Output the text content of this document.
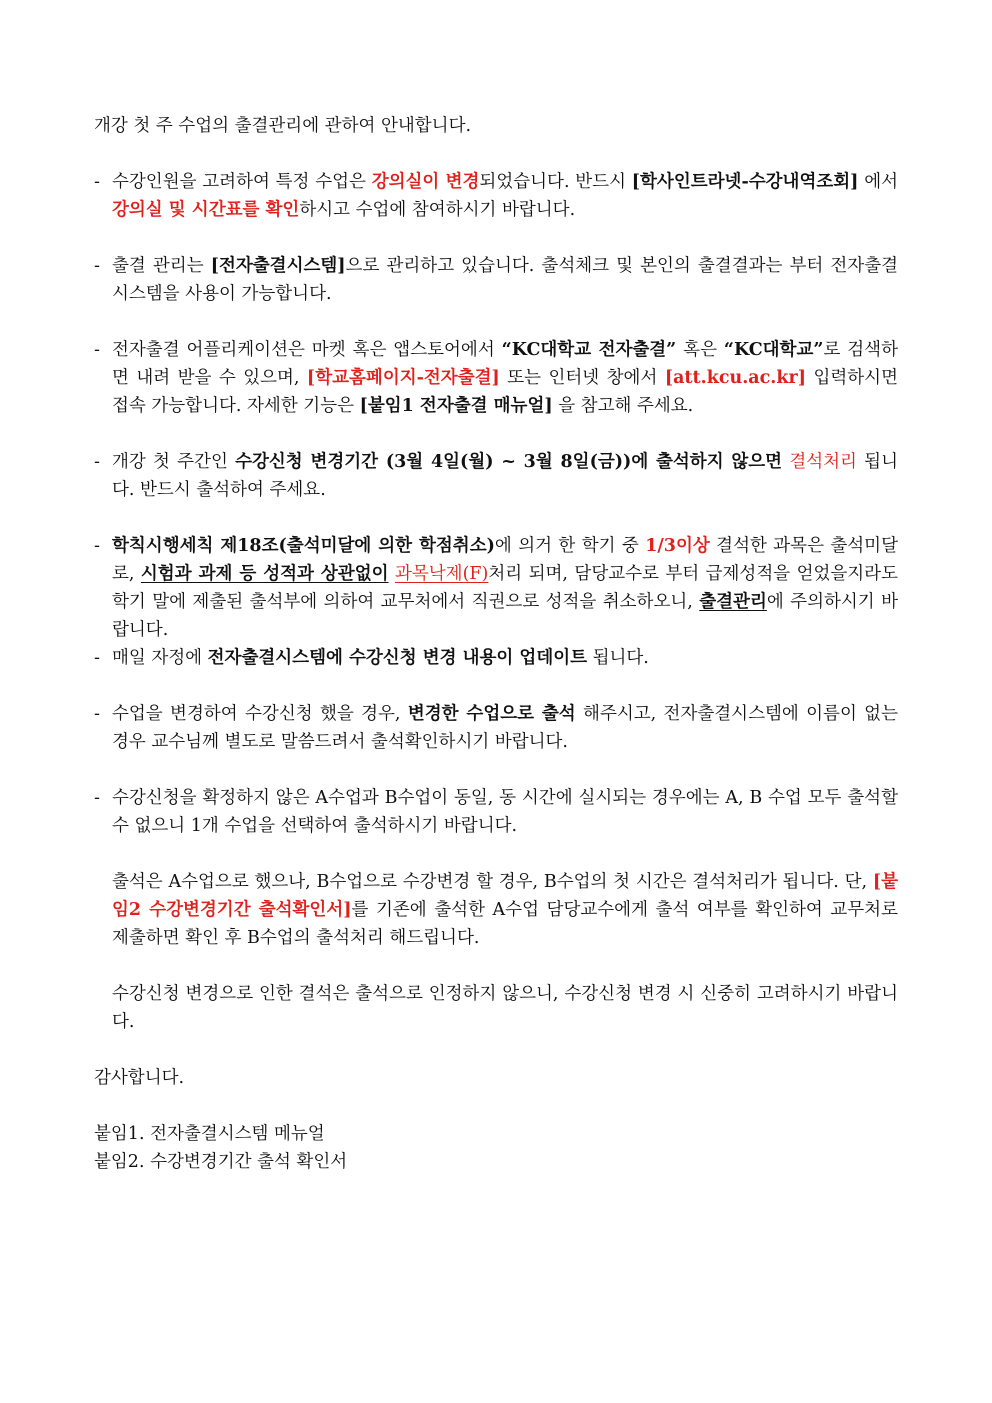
개강 첫 주 수업의 출결관리에 관하여 안내합니다.

- 수강인원을 고려하여 특정 수업은 강의실이 변경되었습니다. 반드시 [학사인트라넷-수강내역조회] 에서 강의실 및 시간표를 확인하시고 수업에 참여하시기 바랍니다.
- 출결 관리는 [전자출결시스템]으로 관리하고 있습니다. 출석체크 및 본인의 출결결과는 부터 전자출결시스템을 사용이 가능합니다.
- 전자출결 어플리케이션은 마켓 혹은 앱스토어에서 “KC대학교 전자출결” 혹은 “KC대학교”로 검색하면 내려 받을 수 있으며, [학교홈페이지-전자출결] 또는 인터넷 창에서 [att.kcu.ac.kr] 입력하시면 접속 가능합니다. 자세한 기능은 [붙임1 전자출결 매뉴얼] 을 참고해 주세요.
- 개강 첫 주간인 수강신청 변경기간 (3월 4일(월) ~ 3월 8일(금))에 출석하지 않으면 결석처리 됩니다. 반드시 출석하여 주세요.
- 학칙시행세칙 제18조(출석미달에 의한 학점취소)에 의거 한 학기 중 1/3이상 결석한 과목은 출석미달로, 시험과 과제 등 성적과 상관없이 과목낙제(F)처리 되며, 담당교수로 부터 급제성적을 얻었을지라도 학기 말에 제출된 출석부에 의하여 교무처에서 직권으로 성적을 취소하오니, 출결관리에 주의하시기 바랍니다.
- 매일 자정에 전자출결시스템에 수강신청 변경 내용이 업데이트 됩니다.
- 수업을 변경하여 수강신청 했을 경우, 변경한 수업으로 출석 해주시고, 전자출결시스템에 이름이 없는 경우 교수님께 별도로 말씀드려서 출석확인하시기 바랍니다.
- 수강신청을 확정하지 않은 A수업과 B수업이 동일, 동 시간에 실시되는 경우에는 A, B 수업 모두 출석할 수 없으니 1개 수업을 선택하여 출석하시기 바랍니다.
출석은 A수업으로 했으나, B수업으로 수강변경 할 경우, B수업의 첫 시간은 결석처리가 됩니다. 단, [붙임2 수강변경기간 출석확인서]를 기존에 출석한 A수업 담당교수에게 출석 여부를 확인하여 교무처로 제출하면 확인 후 B수업의 출석처리 해드립니다.
수강신청 변경으로 인한 결석은 출석으로 인정하지 않으니, 수강신청 변경 시 신중히 고려하시기 바랍니다.

감사합니다.

붙임1. 전자출결시스템 메뉴얼

붙임2. 수강변경기간 출석 확인서
